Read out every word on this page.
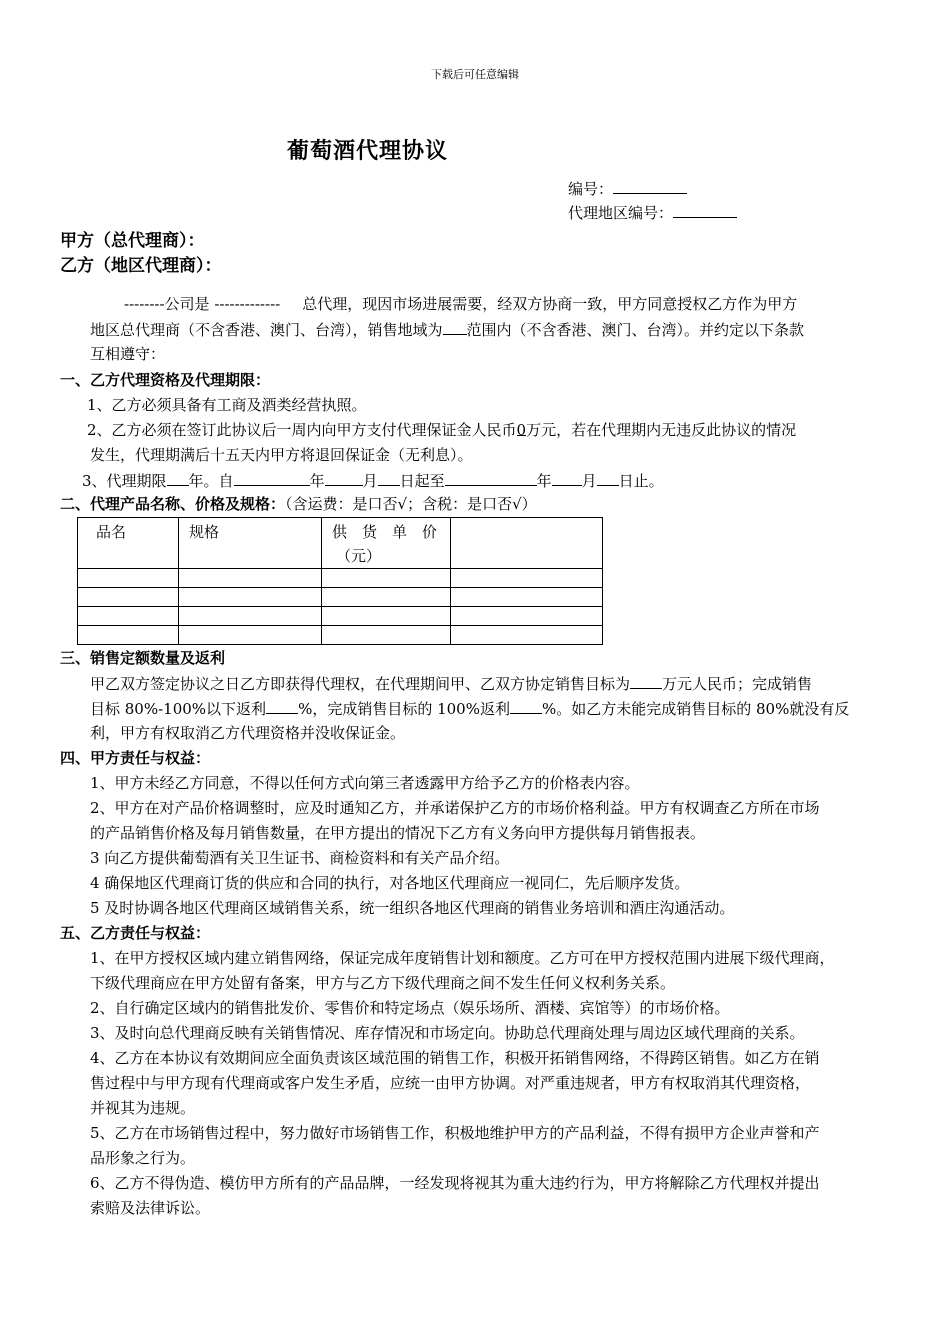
下载后可任意编辑
葡萄酒代理协议
编号：
代理地区编号：
甲方（总代理商）：
乙方（地区代理商）：
--------公司是 ------------- 总代理，现因市场进展需要，经双方协商一致，甲方同意授权乙方作为甲方
地区总代理商（不含香港、澳门、台湾），销售地域为 范围内（不含香港、澳门、台湾）。并约定以下条款
互相遵守：
一、乙方代理资格及代理期限：
1、乙方必须具备有工商及酒类经营执照。
2、乙方必须在签订此协议后一周内向甲方支付代理保证金人民币0万元，若在代理期内无违反此协议的情况
发生，代理期满后十五天内甲方将退回保证金（无利息）。
3、代理期限 年。自	年	月 日起至	年 月 日止。
二、代理产品名称、价格及规格：（含运费：是口否√；含税：是口否√）
品名	规格	供　货　单　价
（元）	

三、销售定额数量及返利
甲乙双方签定协议之日乙方即获得代理权，在代理期间甲、乙双方协定销售目标为 万元人民币；完成销售
目标 80%-100%以下返利 %，完成销售目标的 100%返利 %。如乙方未能完成销售目标的 80%就没有反
利，甲方有权取消乙方代理资格并没收保证金。
四、甲方责任与权益：
1、甲方未经乙方同意，不得以任何方式向第三者透露甲方给予乙方的价格表内容。
2、甲方在对产品价格调整时，应及时通知乙方，并承诺保护乙方的市场价格利益。甲方有权调查乙方所在市场
的产品销售价格及每月销售数量，在甲方提出的情况下乙方有义务向甲方提供每月销售报表。
3 向乙方提供葡萄酒有关卫生证书、商检资料和有关产品介绍。
4 确保地区代理商订货的供应和合同的执行，对各地区代理商应一视同仁，先后顺序发货。
5 及时协调各地区代理商区域销售关系，统一组织各地区代理商的销售业务培训和酒庄沟通活动。
五、乙方责任与权益：
1、在甲方授权区域内建立销售网络，保证完成年度销售计划和额度。乙方可在甲方授权范围内进展下级代理商，
下级代理商应在甲方处留有备案，甲方与乙方下级代理商之间不发生任何义权利务关系。
2、自行确定区域内的销售批发价、零售价和特定场点（娱乐场所、酒楼、宾馆等）的市场价格。
3、及时向总代理商反映有关销售情况、库存情况和市场定向。协助总代理商处理与周边区域代理商的关系。
4、乙方在本协议有效期间应全面负责该区域范围的销售工作，积极开拓销售网络，不得跨区销售。如乙方在销
售过程中与甲方现有代理商或客户发生矛盾，应统一由甲方协调。对严重违规者，甲方有权取消其代理资格，
并视其为违规。
5、乙方在市场销售过程中，努力做好市场销售工作，积极地维护甲方的产品利益，不得有损甲方企业声誉和产
品形象之行为。
6、乙方不得伪造、模仿甲方所有的产品品牌，一经发现将视其为重大违约行为，甲方将解除乙方代理权并提出
索赔及法律诉讼。
